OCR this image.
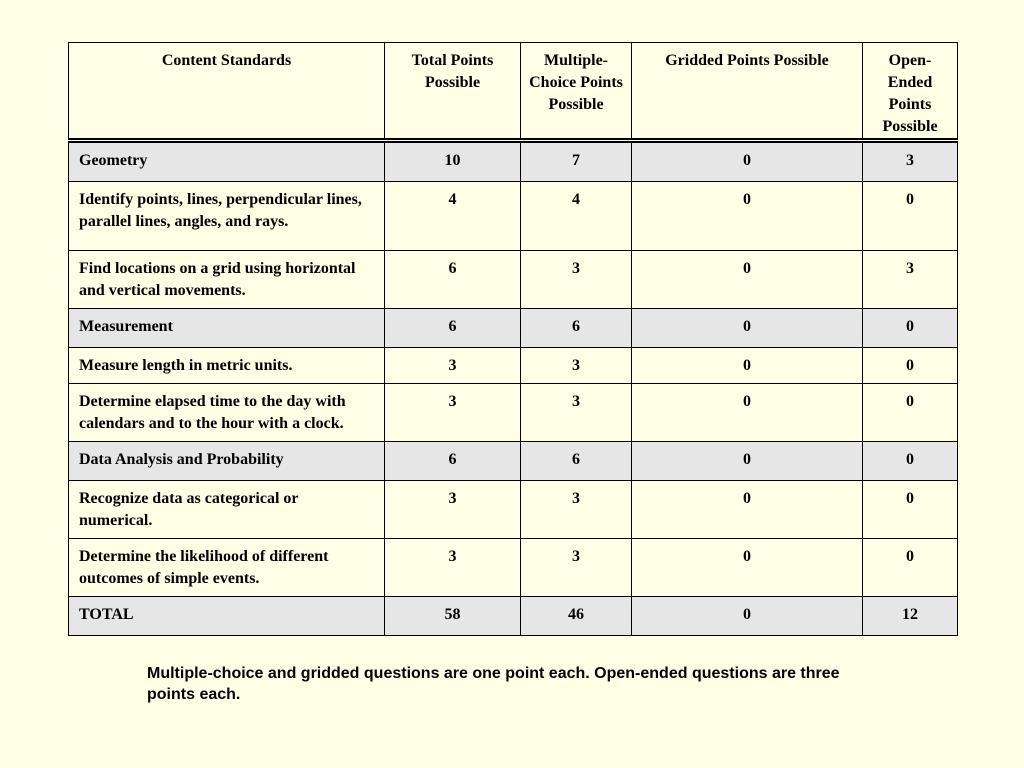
Content Standards	Total Points Possible	Multiple-Choice Points Possible	Gridded Points Possible	Open-Ended Points Possible
Geometry	10	7	0	3
Identify points, lines, perpendicular lines, parallel lines, angles, and rays.	4	4	0	0
Find locations on a grid using horizontal and vertical movements.	6	3	0	3
Measurement	6	6	0	0
Measure length in metric units.	3	3	0	0
Determine elapsed time to the day with calendars and to the hour with a clock.	3	3	0	0
Data Analysis and Probability	6	6	0	0
Recognize data as categorical or numerical.	3	3	0	0
Determine the likelihood of different outcomes of simple events.	3	3	0	0
TOTAL	58	46	0	12
Multiple-choice and gridded questions are one point each. Open-ended questions are three points each.
